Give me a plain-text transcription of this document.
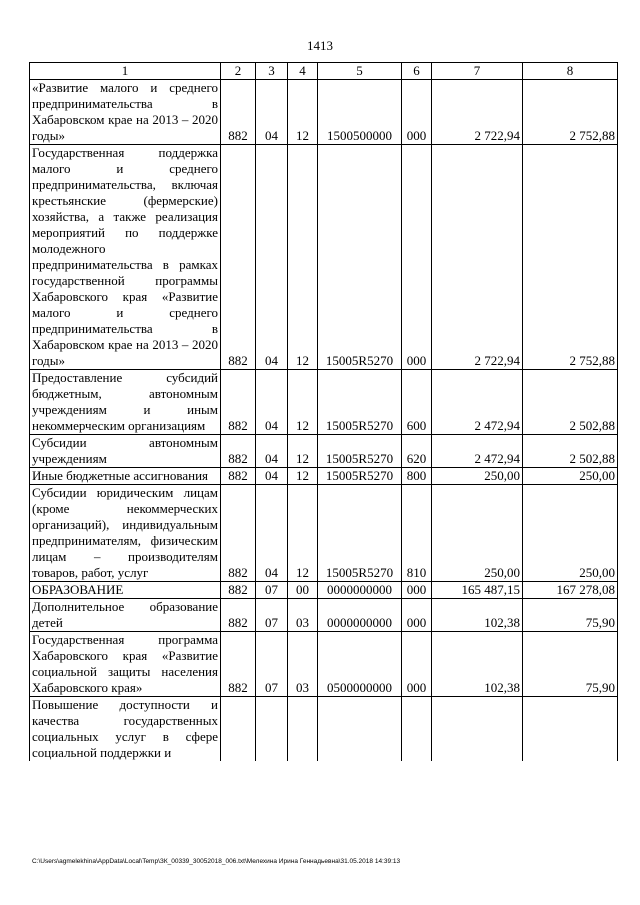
1413
1	2	3	4	5	6	7	8
«Развитие малого и среднего предпринимательства в Хабаровском крае на 2013 – 2020 годы»	882	04	12	1500500000	000	2 722,94	2 752,88
Государственная поддержка малого и среднего предпринимательства, включая крестьянские (фермерские) хозяйства, а также реализация мероприятий по поддержке молодежного предпринимательства в рамках государственной программы Хабаровского края «Развитие малого и среднего предпринимательства в Хабаровском крае на 2013 – 2020 годы»	882	04	12	15005R5270	000	2 722,94	2 752,88
Предоставление субсидий бюджетным, автономным учреждениям и иным некоммерческим организациям	882	04	12	15005R5270	600	2 472,94	2 502,88
Субсидии автономным учреждениям	882	04	12	15005R5270	620	2 472,94	2 502,88
Иные бюджетные ассигнования	882	04	12	15005R5270	800	250,00	250,00
Субсидии юридическим лицам (кроме некоммерческих организаций), индивидуальным предпринимателям, физическим лицам – производителям товаров, работ, услуг	882	04	12	15005R5270	810	250,00	250,00
ОБРАЗОВАНИЕ	882	07	00	0000000000	000	165 487,15	167 278,08
Дополнительное образование детей	882	07	03	0000000000	000	102,38	75,90
Государственная программа Хабаровского края «Развитие социальной защиты населения Хабаровского края»	882	07	03	0500000000	000	102,38	75,90
Повышение доступности и качества государственных социальных услуг в сфере социальной поддержки и							
C:\Users\agmelekhina\AppData\Local\Temp\ЗК_00339_30052018_006.txt\Мелехина Ирина Геннадьевна\31.05.2018 14:39:13
